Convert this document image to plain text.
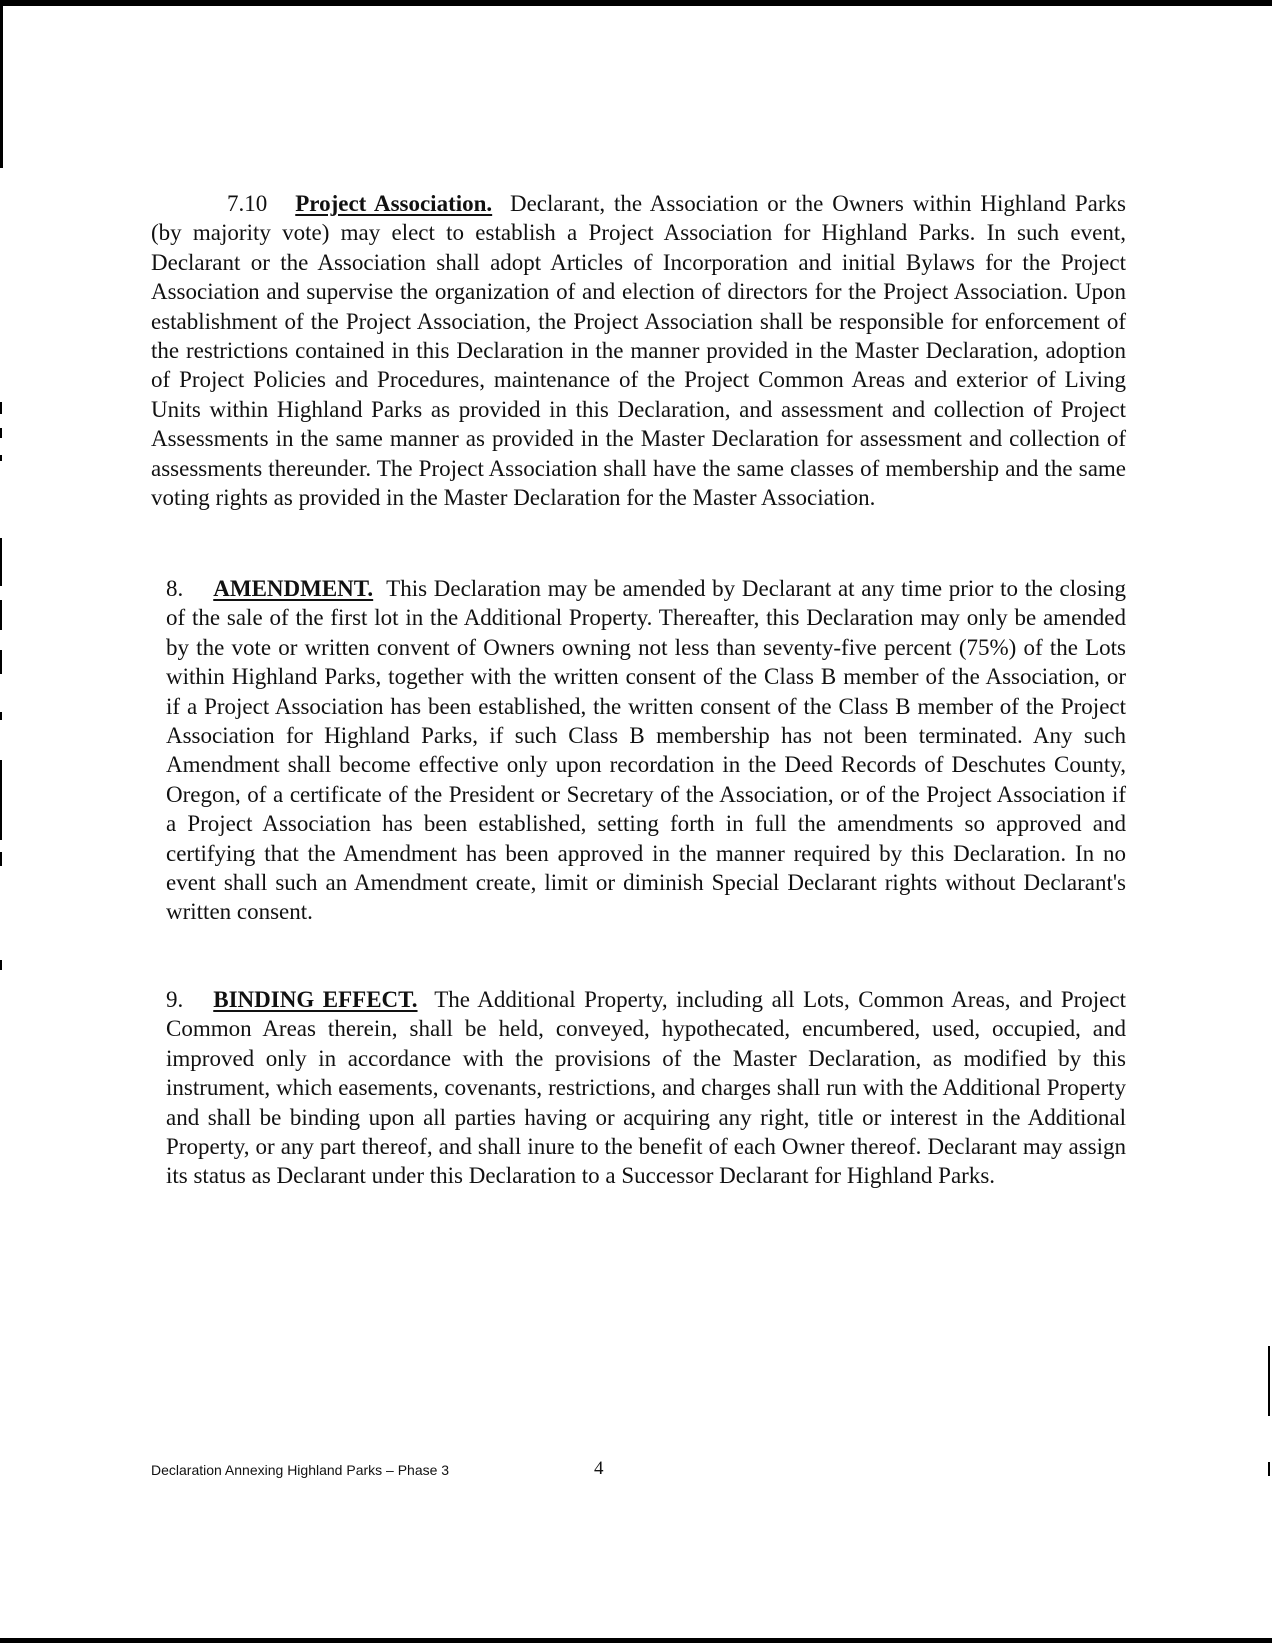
7.10 Project Association. Declarant, the Association or the Owners within Highland Parks (by majority vote) may elect to establish a Project Association for Highland Parks. In such event, Declarant or the Association shall adopt Articles of Incorporation and initial Bylaws for the Project Association and supervise the organization of and election of directors for the Project Association. Upon establishment of the Project Association, the Project Association shall be responsible for enforcement of the restrictions contained in this Declaration in the manner provided in the Master Declaration, adoption of Project Policies and Procedures, maintenance of the Project Common Areas and exterior of Living Units within Highland Parks as provided in this Declaration, and assessment and collection of Project Assessments in the same manner as provided in the Master Declaration for assessment and collection of assessments thereunder. The Project Association shall have the same classes of membership and the same voting rights as provided in the Master Declaration for the Master Association.

8. AMENDMENT. This Declaration may be amended by Declarant at any time prior to the closing of the sale of the first lot in the Additional Property. Thereafter, this Declaration may only be amended by the vote or written convent of Owners owning not less than seventy-five percent (75%) of the Lots within Highland Parks, together with the written consent of the Class B member of the Association, or if a Project Association has been established, the written consent of the Class B member of the Project Association for Highland Parks, if such Class B membership has not been terminated. Any such Amendment shall become effective only upon recordation in the Deed Records of Deschutes County, Oregon, of a certificate of the President or Secretary of the Association, or of the Project Association if a Project Association has been established, setting forth in full the amendments so approved and certifying that the Amendment has been approved in the manner required by this Declaration. In no event shall such an Amendment create, limit or diminish Special Declarant rights without Declarant's written consent.

9. BINDING EFFECT. The Additional Property, including all Lots, Common Areas, and Project Common Areas therein, shall be held, conveyed, hypothecated, encumbered, used, occupied, and improved only in accordance with the provisions of the Master Declaration, as modified by this instrument, which easements, covenants, restrictions, and charges shall run with the Additional Property and shall be binding upon all parties having or acquiring any right, title or interest in the Additional Property, or any part thereof, and shall inure to the benefit of each Owner thereof. Declarant may assign its status as Declarant under this Declaration to a Successor Declarant for Highland Parks.

Declaration Annexing Highland Parks – Phase 3	4
